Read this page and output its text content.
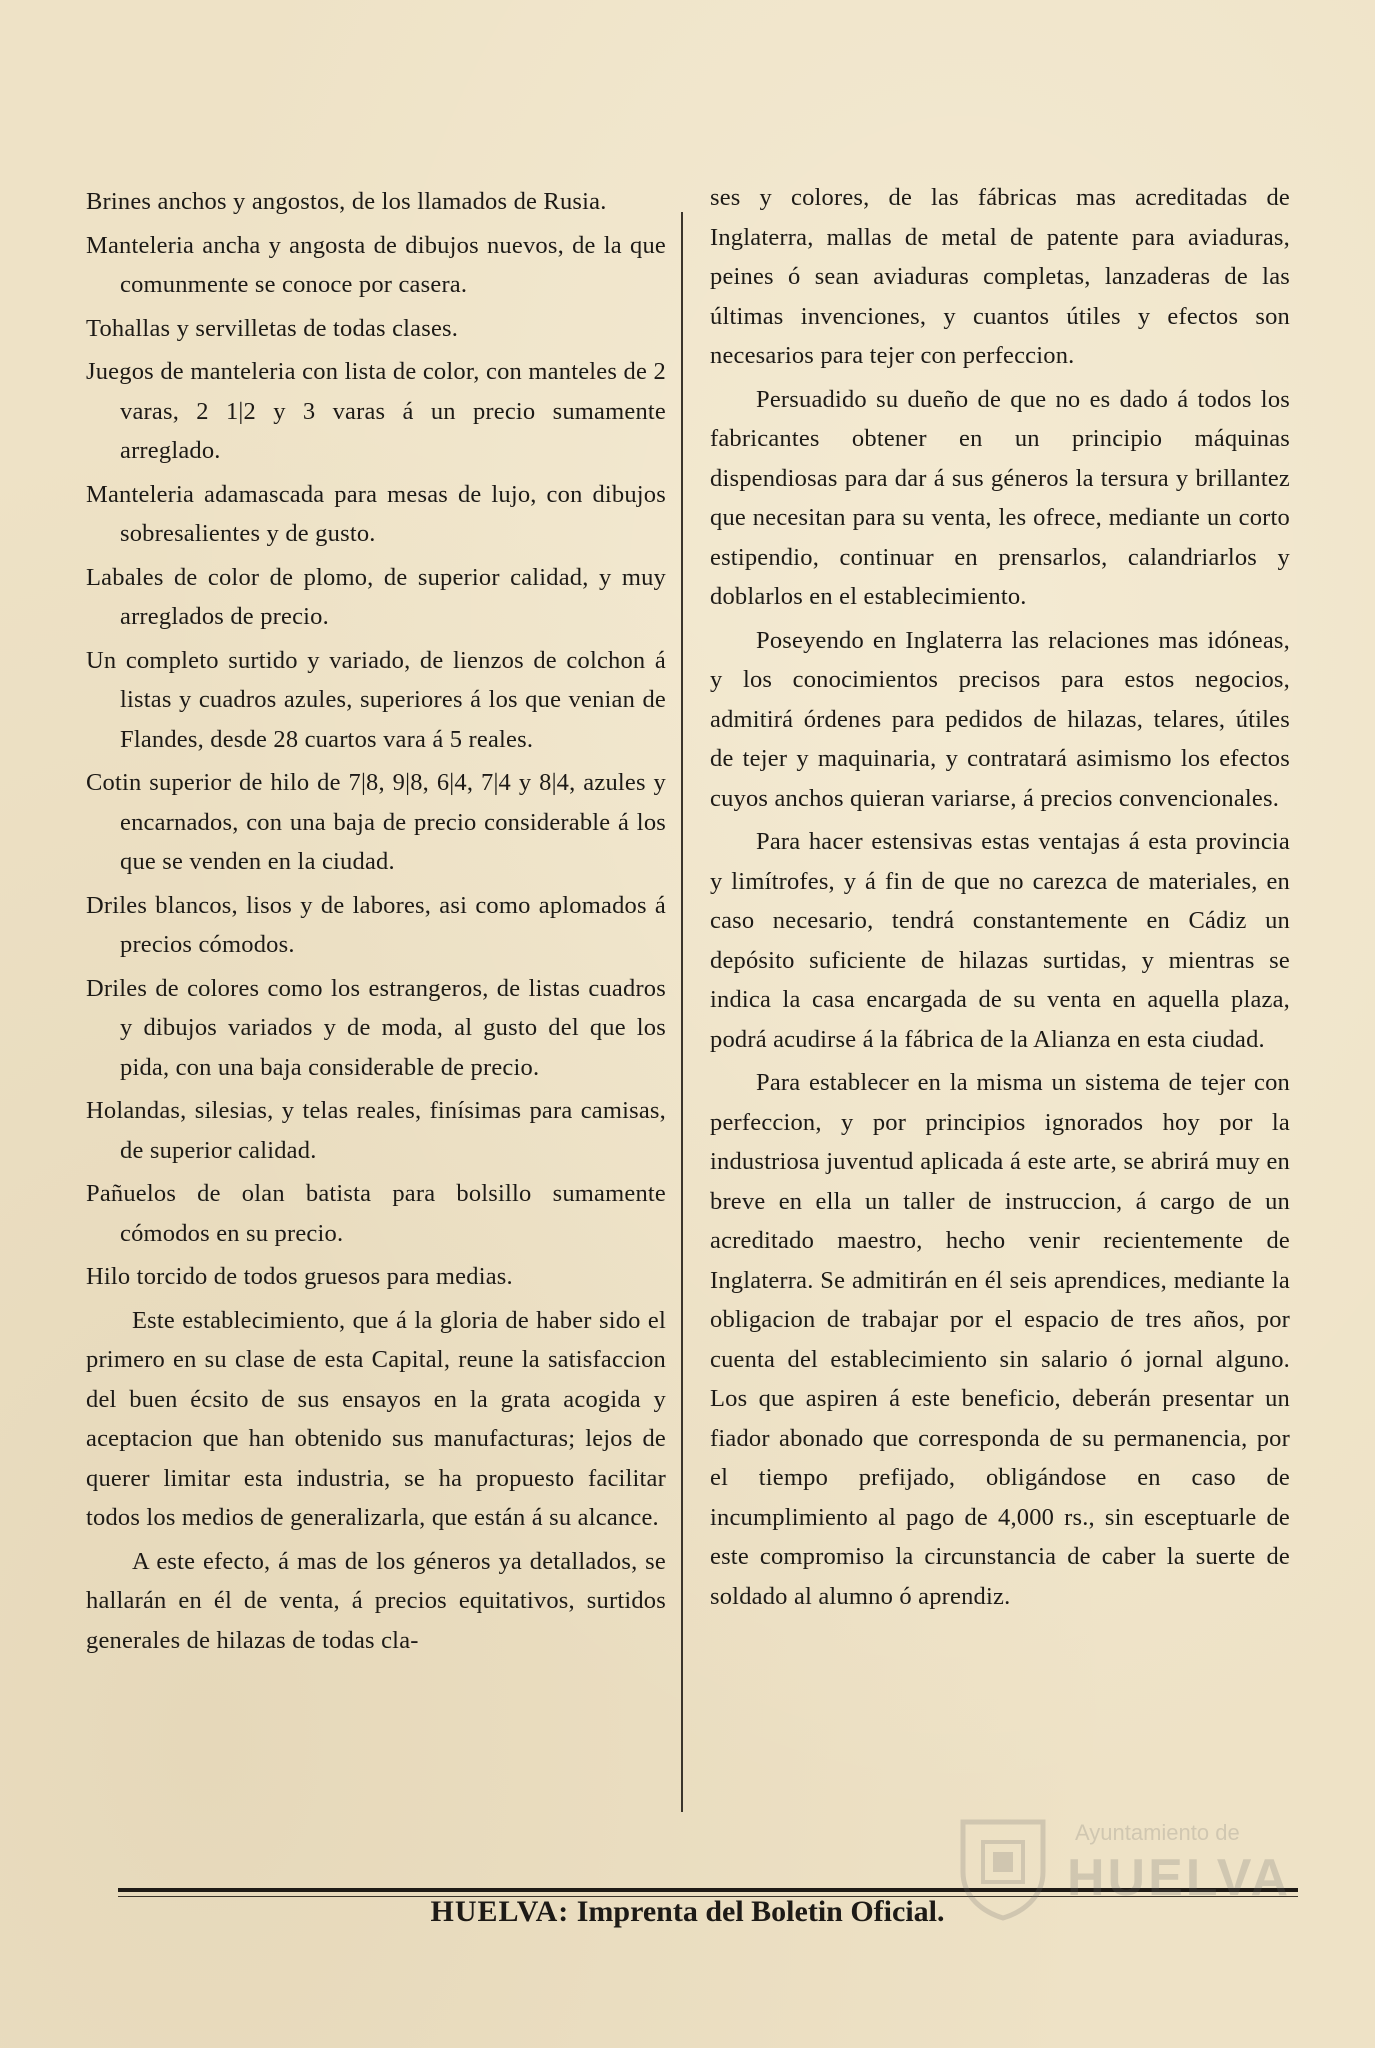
Brines anchos y angostos, de los llamados de Rusia.

Manteleria ancha y angosta de dibujos nuevos, de la que comunmente se conoce por casera.

Tohallas y servilletas de todas clases.

Juegos de manteleria con lista de color, con manteles de 2 varas, 2 1|2 y 3 varas á un precio sumamente arreglado.

Manteleria adamascada para mesas de lujo, con dibujos sobresalientes y de gusto.

Labales de color de plomo, de superior calidad, y muy arreglados de precio.

Un completo surtido y variado, de lienzos de colchon á listas y cuadros azules, superiores á los que venian de Flandes, desde 28 cuartos vara á 5 reales.

Cotin superior de hilo de 7|8, 9|8, 6|4, 7|4 y 8|4, azules y encarnados, con una baja de precio considerable á los que se venden en la ciudad.

Driles blancos, lisos y de labores, asi como aplomados á precios cómodos.

Driles de colores como los estrangeros, de listas cuadros y dibujos variados y de moda, al gusto del que los pida, con una baja considerable de precio.

Holandas, silesias, y telas reales, finísimas para camisas, de superior calidad.

Pañuelos de olan batista para bolsillo sumamente cómodos en su precio.

Hilo torcido de todos gruesos para medias.

Este establecimiento, que á la gloria de haber sido el primero en su clase de esta Capital, reune la satisfaccion del buen écsito de sus ensayos en la grata acogida y aceptacion que han obtenido sus manufacturas; lejos de querer limitar esta industria, se ha propuesto facilitar todos los medios de generalizarla, que están á su alcance.

A este efecto, á mas de los géneros ya detallados, se hallarán en él de venta, á precios equitativos, surtidos generales de hilazas de todas cla-

ses y colores, de las fábricas mas acreditadas de Inglaterra, mallas de metal de patente para aviaduras, peines ó sean aviaduras completas, lanzaderas de las últimas invenciones, y cuantos útiles y efectos son necesarios para tejer con perfeccion.

Persuadido su dueño de que no es dado á todos los fabricantes obtener en un principio máquinas dispendiosas para dar á sus géneros la tersura y brillantez que necesitan para su venta, les ofrece, mediante un corto estipendio, continuar en prensarlos, calandriarlos y doblarlos en el establecimiento.

Poseyendo en Inglaterra las relaciones mas idóneas, y los conocimientos precisos para estos negocios, admitirá órdenes para pedidos de hilazas, telares, útiles de tejer y maquinaria, y contratará asimismo los efectos cuyos anchos quieran variarse, á precios convencionales.

Para hacer estensivas estas ventajas á esta provincia y limítrofes, y á fin de que no carezca de materiales, en caso necesario, tendrá constantemente en Cádiz un depósito suficiente de hilazas surtidas, y mientras se indica la casa encargada de su venta en aquella plaza, podrá acudirse á la fábrica de la Alianza en esta ciudad.

Para establecer en la misma un sistema de tejer con perfeccion, y por principios ignorados hoy por la industriosa juventud aplicada á este arte, se abrirá muy en breve en ella un taller de instruccion, á cargo de un acreditado maestro, hecho venir recientemente de Inglaterra. Se admitirán en él seis aprendices, mediante la obligacion de trabajar por el espacio de tres años, por cuenta del establecimiento sin salario ó jornal alguno. Los que aspiren á este beneficio, deberán presentar un fiador abonado que corresponda de su permanencia, por el tiempo prefijado, obligándose en caso de incumplimiento al pago de 4,000 rs., sin esceptuarle de este compromiso la circunstancia de caber la suerte de soldado al alumno ó aprendiz.

HUELVA: Imprenta del Boletin Oficial.
Ayuntamiento de
HUELVA
